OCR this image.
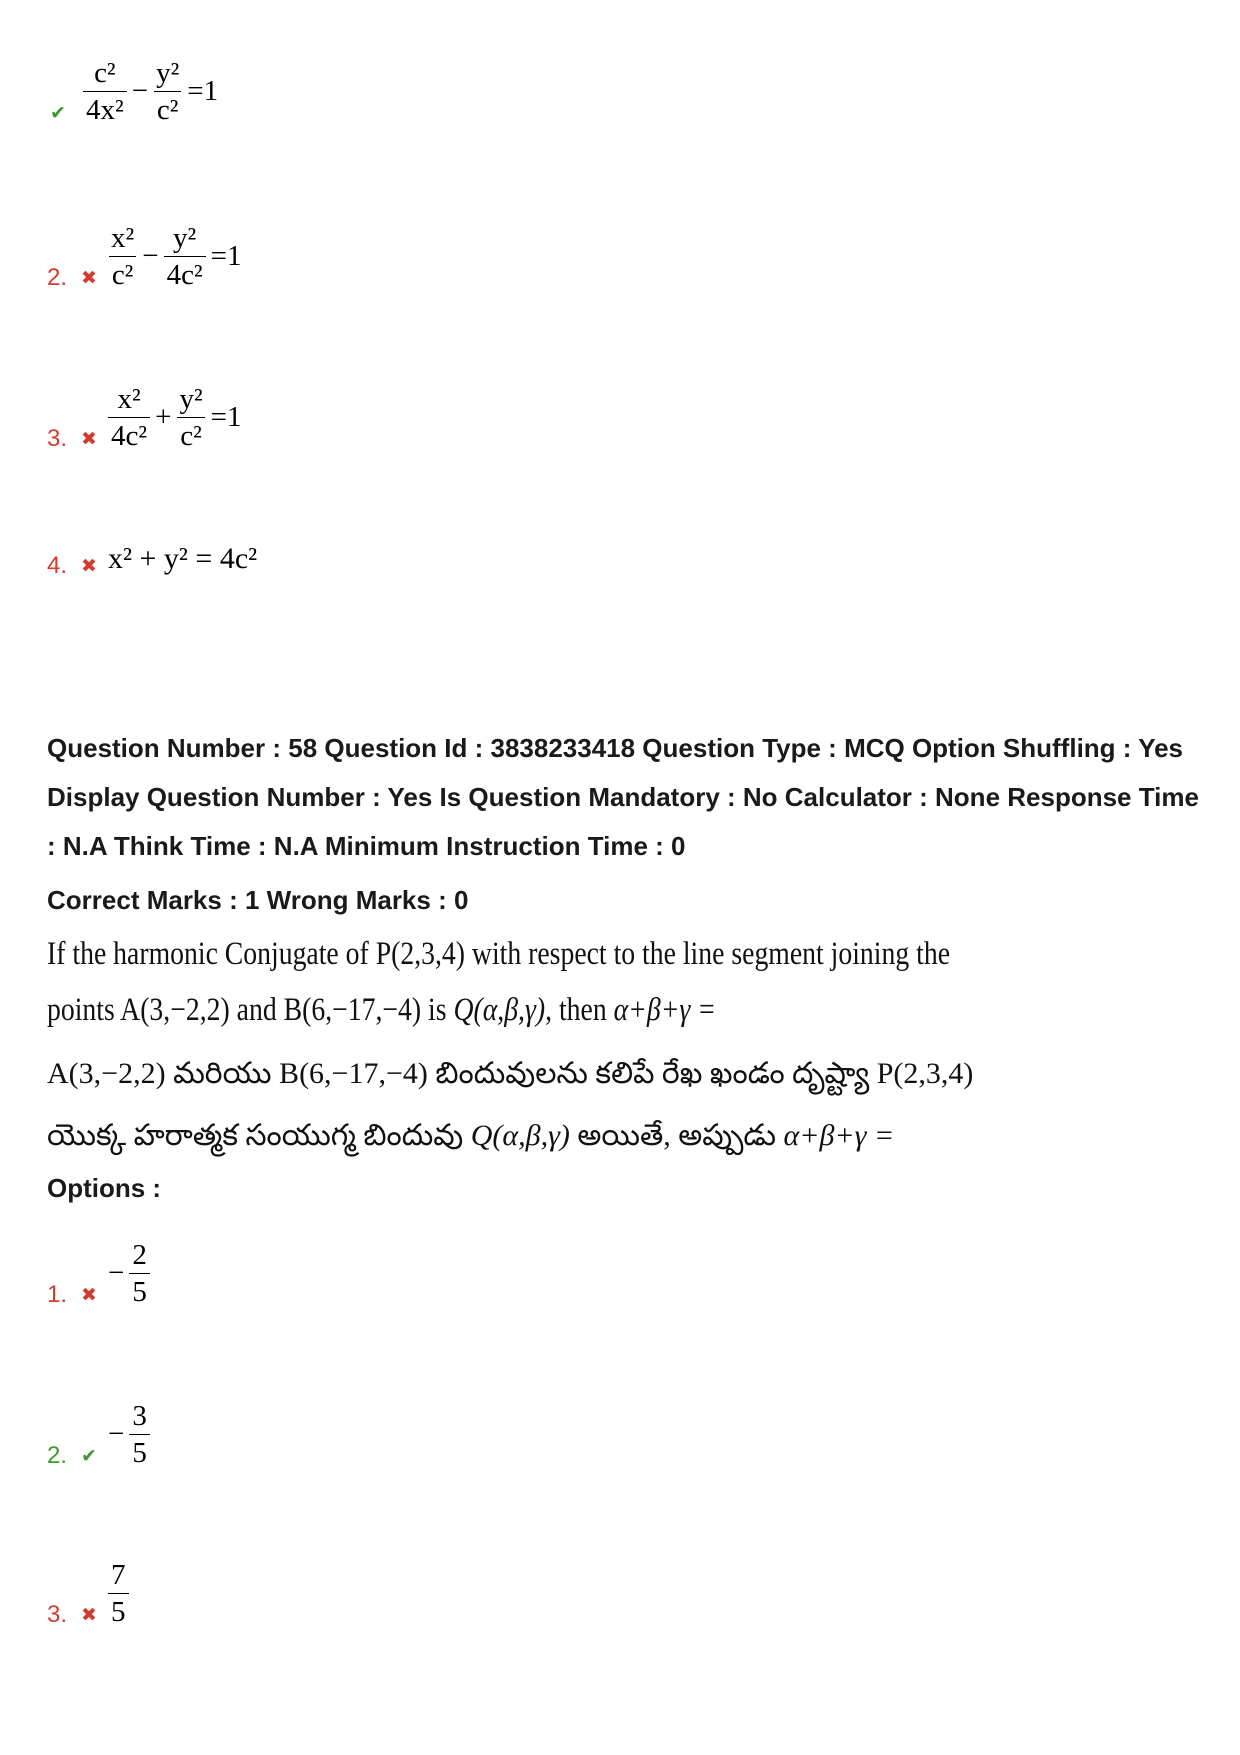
✔
$\frac{\text{c²}}{\text{4x²}} - \frac{\text{y²}}{\text{c²}} =1$
2.
✖	$\frac{\text{x²}}{\text{c²}} - \frac{\text{y²}}{\text{4c²}} =1$
3.
✖	$\frac{\text{x²}}{\text{4c²}} + \frac{\text{y²}}{\text{c²}} =1$
4.
✖	x² + y² = 4c²
Question Number : 58 Question Id : 3838233418 Question Type : MCQ Option Shuffling : Yes
Display Question Number : Yes Is Question Mandatory : No Calculator : None Response Time
: N.A Think Time : N.A Minimum Instruction Time : 0
Correct Marks : 1 Wrong Marks : 0
If the harmonic Conjugate of P(2,3,4) with respect to the line segment joining the
points A(3,−2,2) and B(6,−17,−4) is Q(α,β,γ), then α+β+γ =
A(3,−2,2) మరియు B(6,−17,−4) బిందువులను కలిపే రేఖ ఖండం దృష్ట్యా P(2,3,4)
యొక్క హరాత్మక సంయుగ్మ బిందువు Q(α,β,γ) అయితే, అప్పుడు α+β+γ =
Options :
1.
✖
− $\frac{2}{5}$
2.
✔
− $\frac{3}{5}$
3.
✖	$\frac{7}{5}$
